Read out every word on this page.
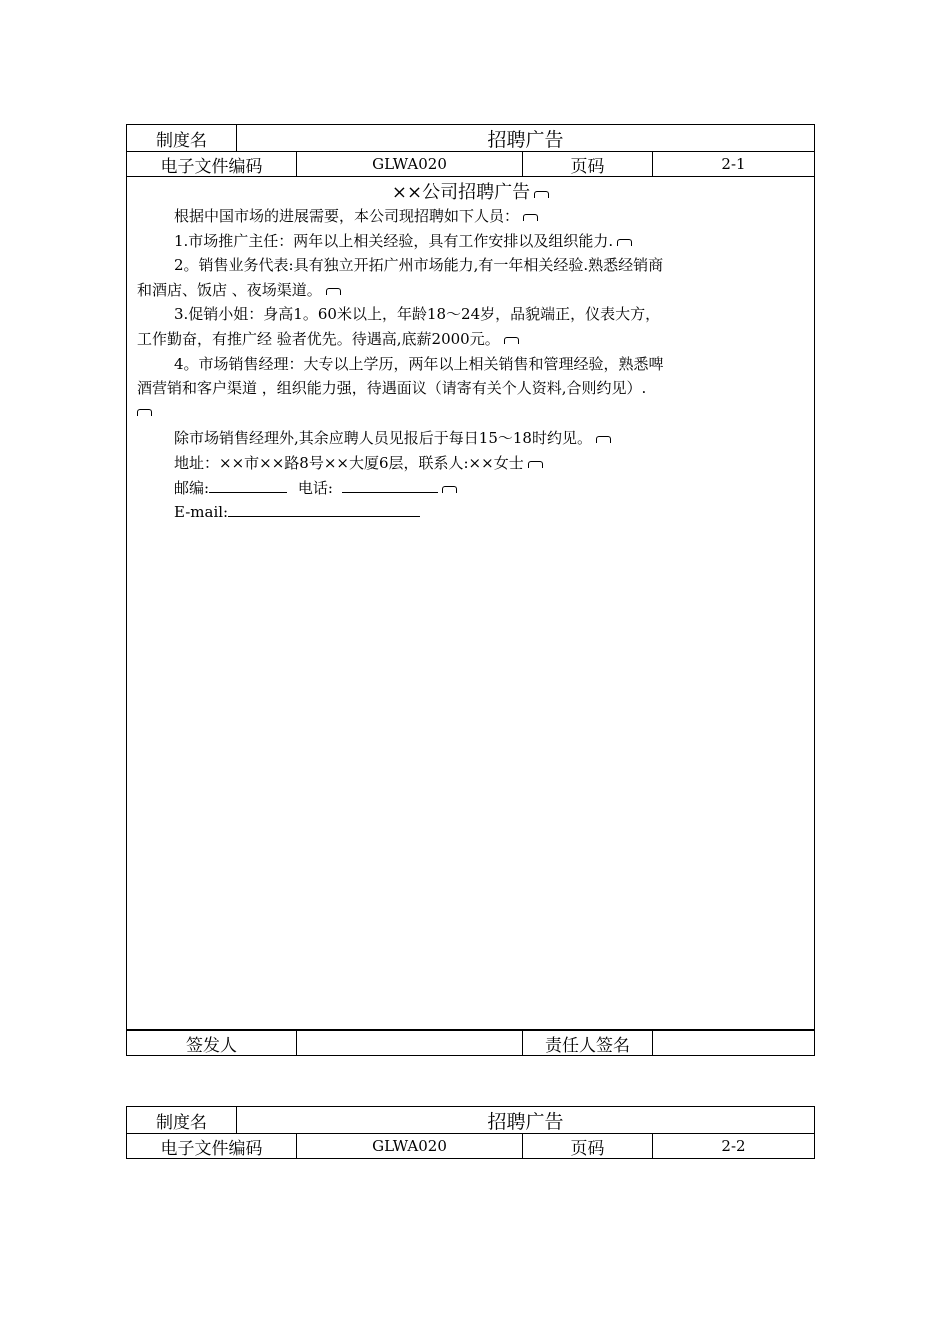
制度名	招聘广告
电子文件编码	GLWA020	页码	2-1
××公司招聘广告
根据中国市场的进展需要，本公司现招聘如下人员：
1.市场推广主任：两年以上相关经验，具有工作安排以及组织能力.
2。销售业务代表:具有独立开拓广州市场能力,有一年相关经验.熟悉经销商
和酒店、饭店 、夜场渠道。
3.促销小姐：身高1。60米以上，年龄18～24岁，品貌端正，仪表大方，
工作勤奋，有推广经 验者优先。待遇高,底薪2000元。
4。市场销售经理：大专以上学历，两年以上相关销售和管理经验，熟悉啤
酒营销和客户渠道 ，组织能力强，待遇面议（请寄有关个人资料,合则约见）.
除市场销售经理外,其余应聘人员见报后于每日15～18时约见。
地址：××市××路8号××大厦6层，联系人:××女士
邮编:	电话:
E-mail:
签发人	责任人签名
制度名	招聘广告
电子文件编码	GLWA020	页码	2-2
